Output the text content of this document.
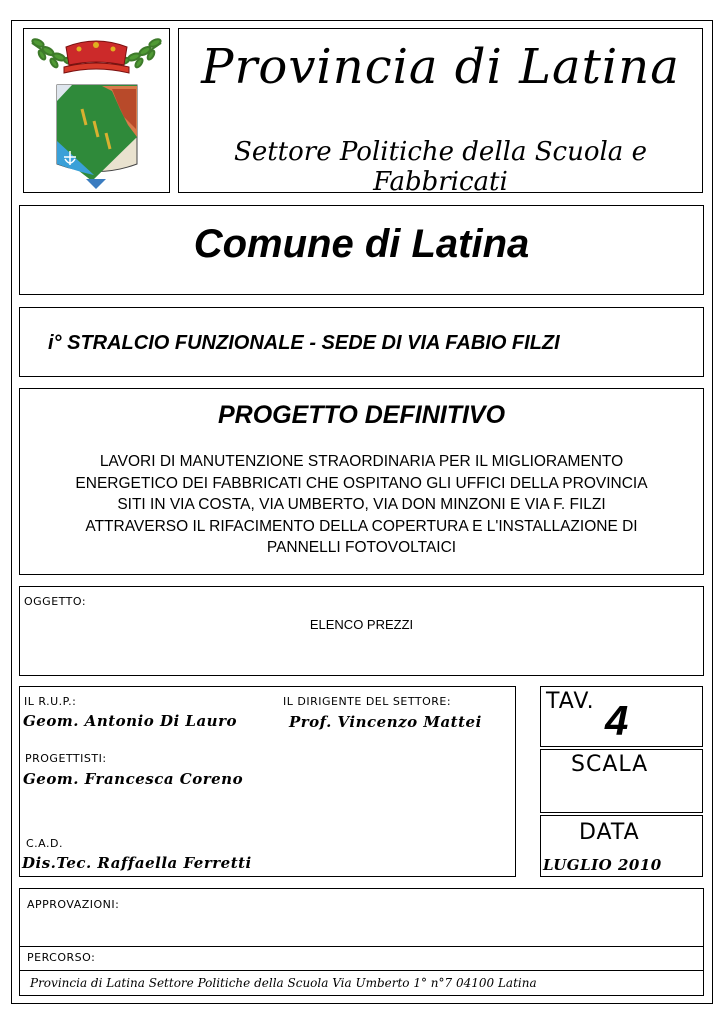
Provincia di Latina
Settore Politiche della Scuola e Fabbricati
Comune di Latina
i° STRALCIO FUNZIONALE - SEDE DI VIA FABIO FILZI
PROGETTO DEFINITIVO
LAVORI DI MANUTENZIONE STRAORDINARIA PER IL MIGLIORAMENTO
ENERGETICO DEI FABBRICATI CHE OSPITANO GLI UFFICI DELLA PROVINCIA
SITI IN VIA COSTA, VIA UMBERTO, VIA DON MINZONI E VIA F. FILZI
ATTRAVERSO IL RIFACIMENTO DELLA COPERTURA E L'INSTALLAZIONE DI
PANNELLI FOTOVOLTAICI
OGGETTO:
ELENCO PREZZI
IL R.U.P.:
Geom. Antonio Di Lauro
IL DIRIGENTE DEL SETTORE:
Prof. Vincenzo Mattei
PROGETTISTI:
Geom. Francesca Coreno
C.A.D.
Dis.Tec. Raffaella Ferretti
TAV. 4
SCALA
DATA
LUGLIO 2010
APPROVAZIONI:
PERCORSO:
Provincia di Latina Settore Politiche della Scuola Via Umberto 1° n°7 04100 Latina
